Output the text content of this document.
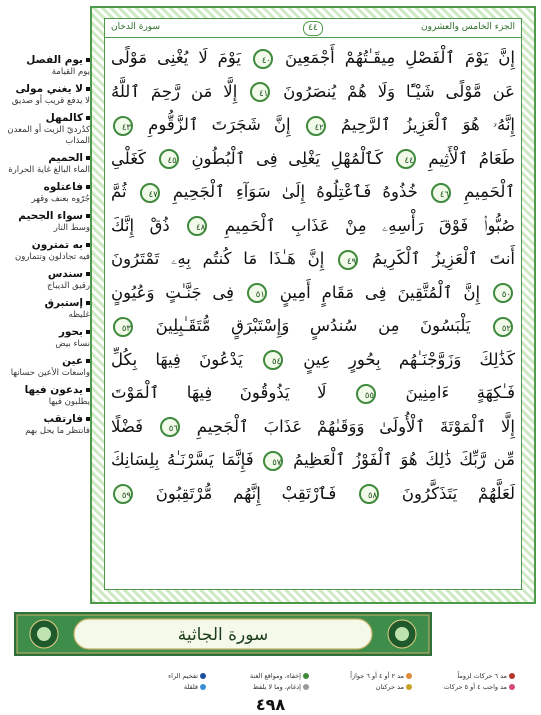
يوم الفصل
يوم القيامة
لا يغني مولى
لا يدفع قريب أو صديق
كالمهل
كدُرديّ الزيت أو المعدن المذاب
الحميم
الماء البالغ غاية الحرارة
فاعتلوه
جُرّوه بعنف وقهر
سواء الجحيم
وسط النار
به تمترون
فيه تجادلون وتتمارون
سندس
رقيق الديباج
إستبرق
غليظه
بحور
نساء بيض
عين
واسعات الأعين حسانها
يدعون فيها
يطلبون فيها
فارتقب
فانتظر ما يحل بهم
الجزء الخامس والعشرون
٤٤
سورة الدخان
إِنَّ يَوْمَ ٱلْفَصْلِ مِيقَـٰتُهُمْ أَجْمَعِينَ ٤٠ يَوْمَ لَا يُغْنِى مَوْلًى
عَن مَّوْلًى شَيْـًٔا وَلَا هُمْ يُنصَرُونَ ٤١ إِلَّا مَن رَّحِمَ ٱللَّهُ
إِنَّهُۥ هُوَ ٱلْعَزِيزُ ٱلرَّحِيمُ ٤٢ إِنَّ شَجَرَتَ ٱلزَّقُّومِ ٤٣
طَعَامُ ٱلْأَثِيمِ ٤٤ كَٱلْمُهْلِ يَغْلِى فِى ٱلْبُطُونِ ٤٥ كَغَلْىِ
ٱلْحَمِيمِ ٤٦ خُذُوهُ فَٱعْتِلُوهُ إِلَىٰ سَوَآءِ ٱلْجَحِيمِ ٤٧ ثُمَّ
صُبُّوا۟ فَوْقَ رَأْسِهِۦ مِنْ عَذَابِ ٱلْحَمِيمِ ٤٨ ذُقْ إِنَّكَ
أَنتَ ٱلْعَزِيزُ ٱلْكَرِيمُ ٤٩ إِنَّ هَـٰذَا مَا كُنتُم بِهِۦ تَمْتَرُونَ
٥٠ إِنَّ ٱلْمُتَّقِينَ فِى مَقَامٍ أَمِينٍ ٥١ فِى جَنَّـٰتٍ وَعُيُونٍ
٥٢ يَلْبَسُونَ مِن سُندُسٍ وَإِسْتَبْرَقٍ مُّتَقَـٰبِلِينَ ٥٣
كَذَٰلِكَ وَزَوَّجْنَـٰهُم بِحُورٍ عِينٍ ٥٤ يَدْعُونَ فِيهَا بِكُلِّ
فَـٰكِهَةٍ ءَامِنِينَ ٥٥ لَا يَذُوقُونَ فِيهَا ٱلْمَوْتَ
إِلَّا ٱلْمَوْتَةَ ٱلْأُولَىٰ وَوَقَىٰهُمْ عَذَابَ ٱلْجَحِيمِ ٥٦ فَضْلًا
مِّن رَّبِّكَ ذَٰلِكَ هُوَ ٱلْفَوْزُ ٱلْعَظِيمُ ٥٧ فَإِنَّمَا يَسَّرْنَـٰهُ بِلِسَانِكَ
لَعَلَّهُمْ يَتَذَكَّرُونَ ٥٨ فَٱرْتَقِبْ إِنَّهُم مُّرْتَقِبُونَ ٥٩
سورة الجاثية
مد ٦ حركات لزوماً
مد ٢ أو ٤ أو ٦ جوازاً
إخفاء، ومواقع الغنة
تفخيم الراء
مد واجب ٤ أو ٥ حركات
مد حركتان
إدغام، وما لا يلفظ
قلقلة
٤٩٨
